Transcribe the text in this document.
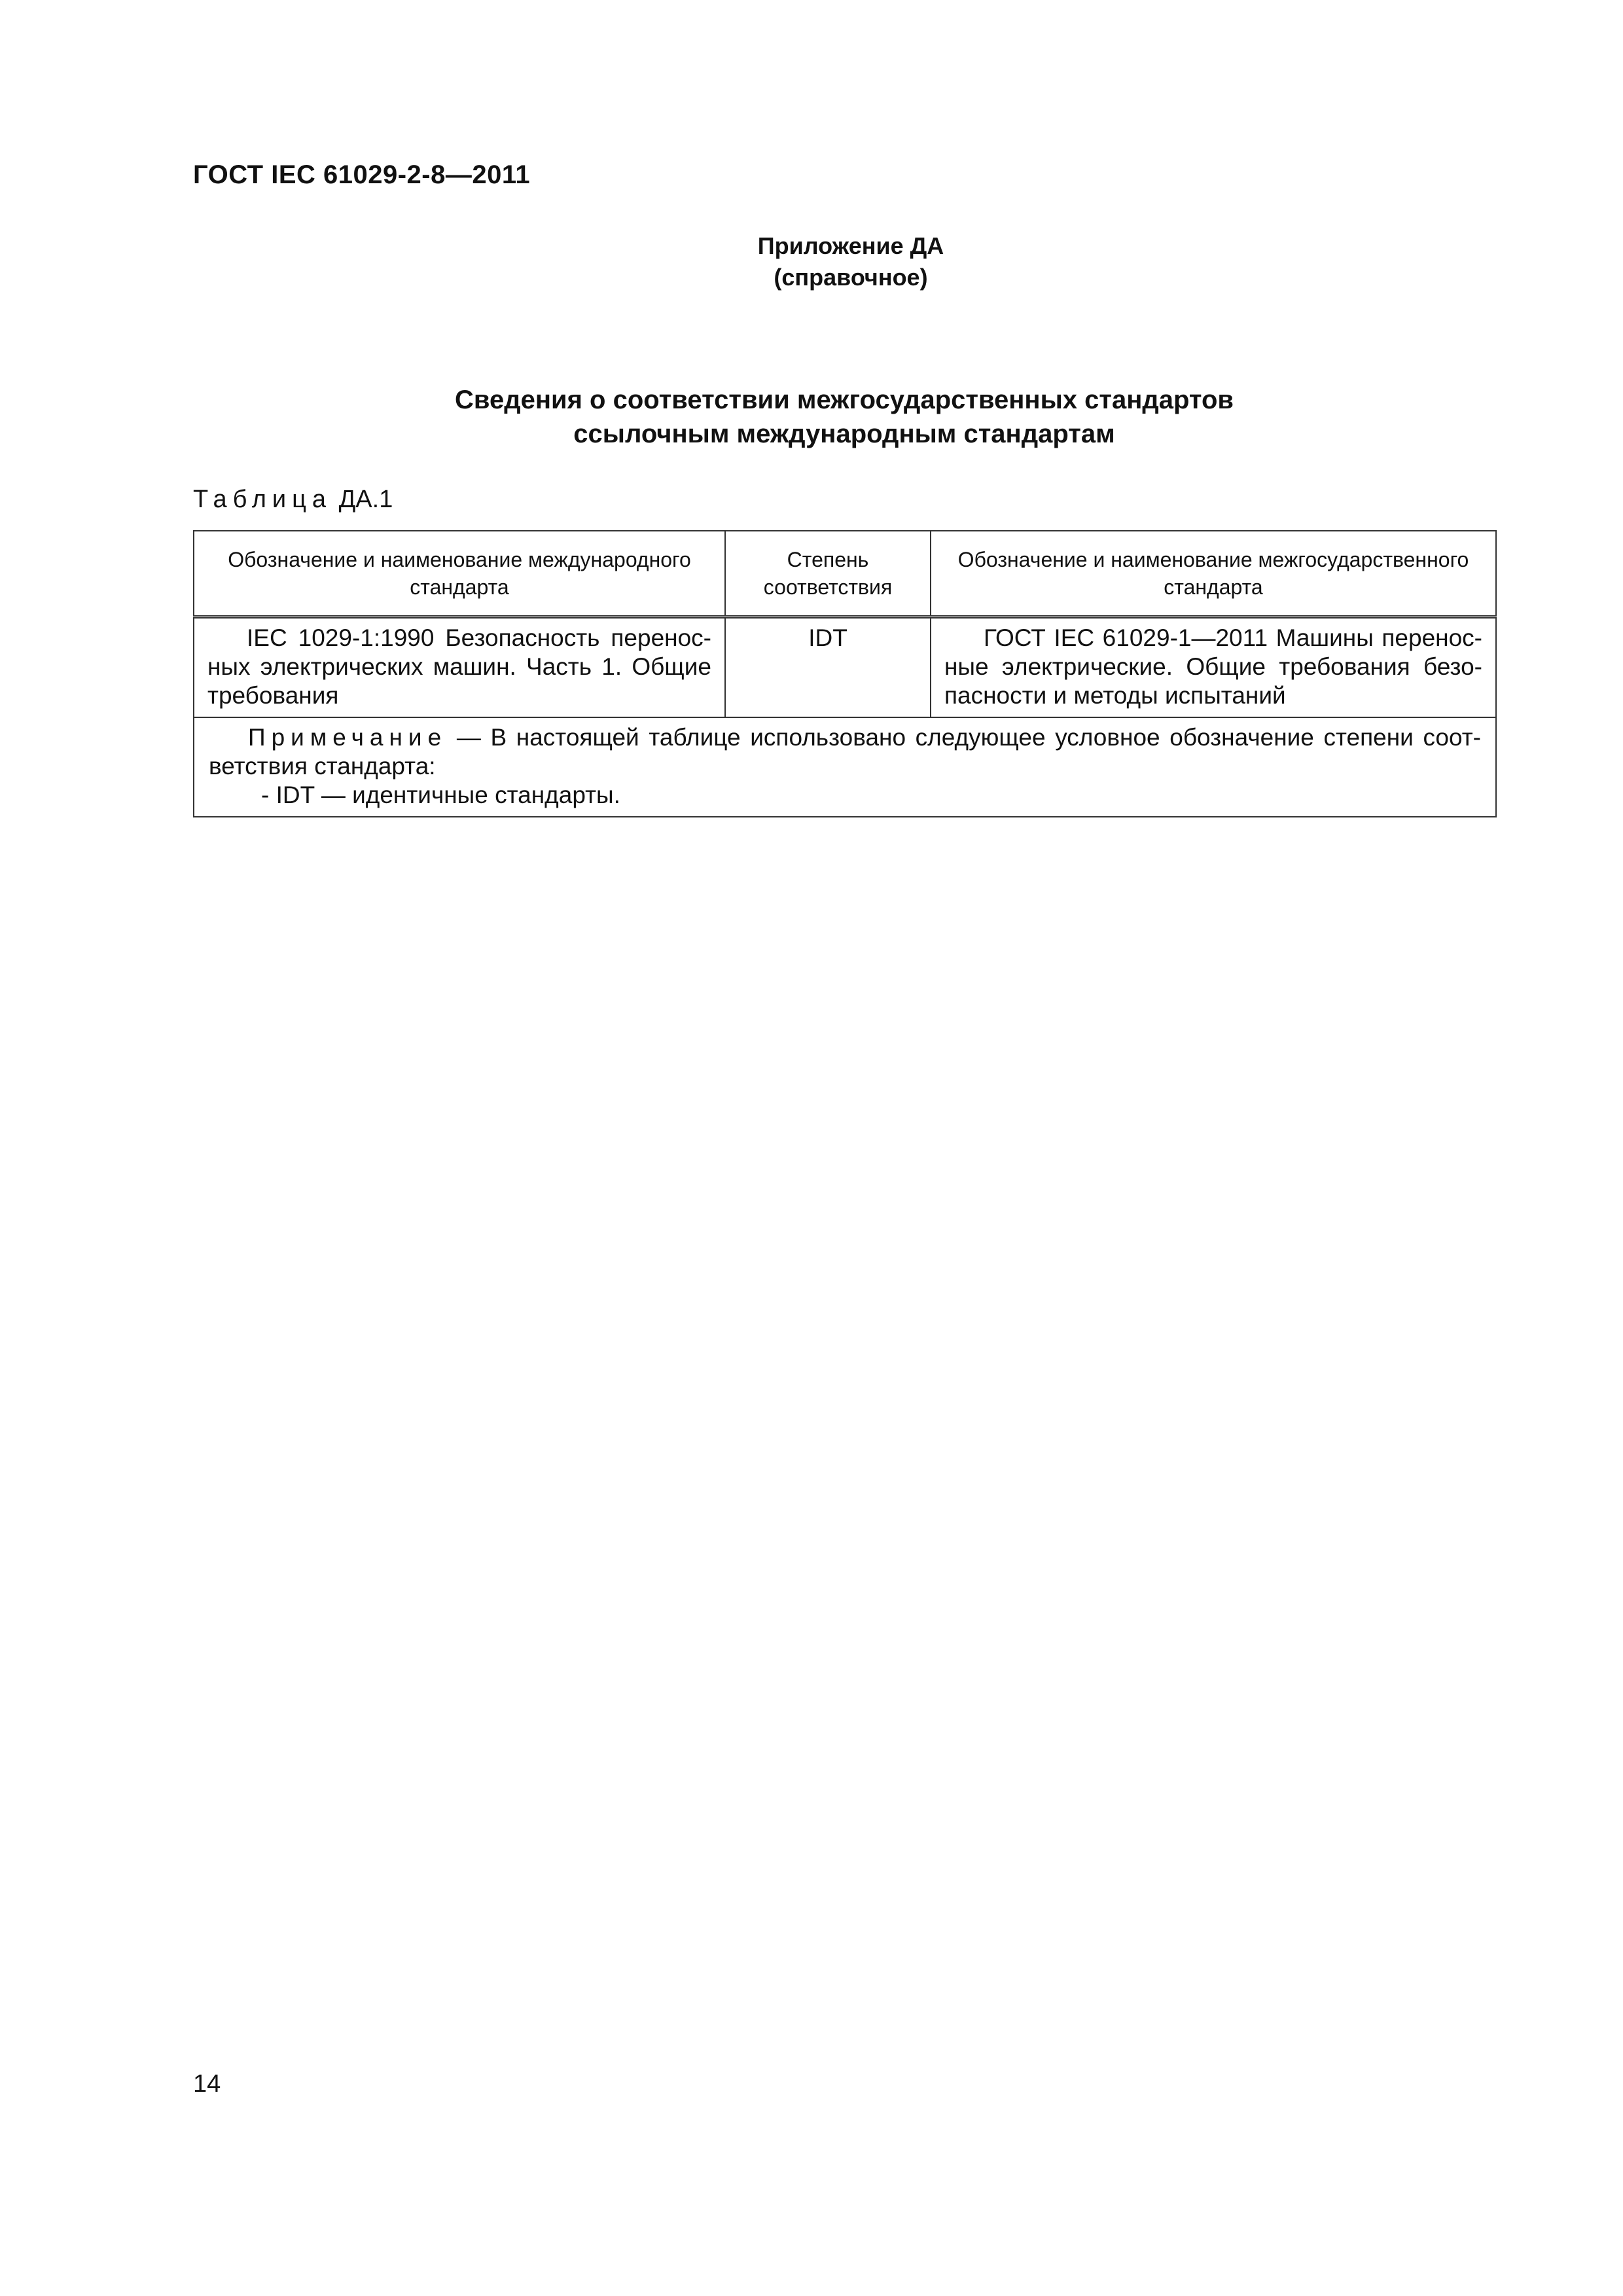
ГОСТ IEC 61029-2-8—2011
Приложение ДА
(справочное)
Сведения о соответствии межгосударственных стандартов
ссылочным международным стандартам
Таблица ДА.1
Обозначение и наименование международного стандарта	Степень соответствия	Обозначение и наименование межгосударственного стандарта
IEC 1029-1:1990 Безопасность перенос-ных электрических машин. Часть 1. Общие требования	IDT	ГОСТ IEC 61029-1—2011 Машины перенос-ные электрические. Общие требования безо-пасности и методы испытаний
Примечание — В настоящей таблице использовано следующее условное обозначение степени соот-ветствия стандарта:
- IDT — идентичные стандарты.		
14
